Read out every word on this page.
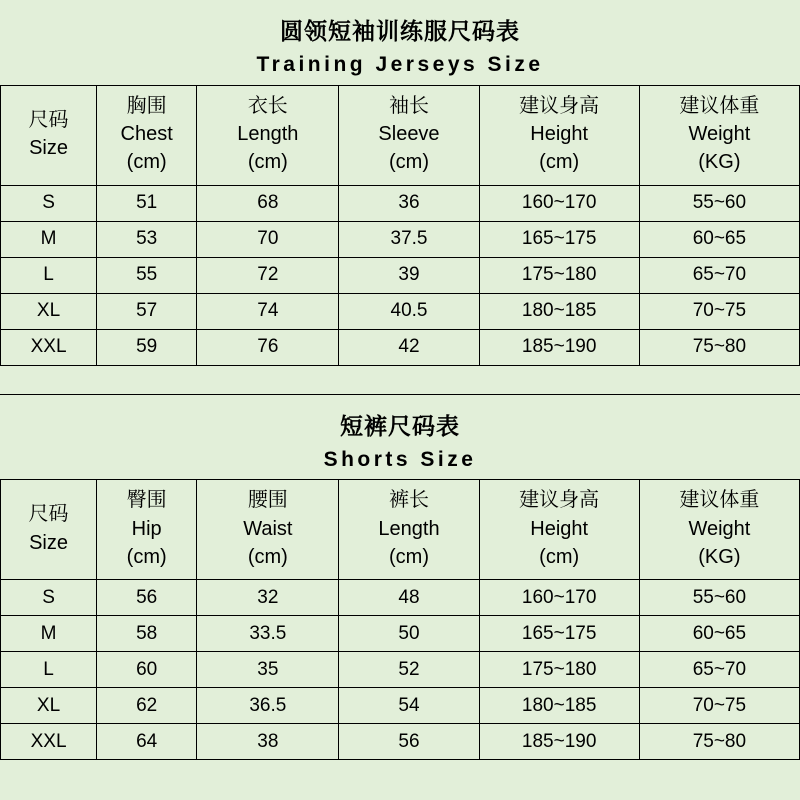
圆领短袖训练服尺码表
Training Jerseys Size
尺码
Size

胸围
Chest
(cm)

衣长
Length
(cm)

袖长
Sleeve
(cm)

建议身高
Height
(cm)

建议体重
Weight
(KG)

S	51	68	36	160~170	55~60
M	53	70	37.5	165~175	60~65
L	55	72	39	175~180	65~70
XL	57	74	40.5	180~185	70~75
XXL	59	76	42	185~190	75~80
短裤尺码表
Shorts Size
尺码
Size

臀围
Hip
(cm)

腰围
Waist
(cm)

裤长
Length
(cm)

建议身高
Height
(cm)

建议体重
Weight
(KG)

S	56	32	48	160~170	55~60
M	58	33.5	50	165~175	60~65
L	60	35	52	175~180	65~70
XL	62	36.5	54	180~185	70~75
XXL	64	38	56	185~190	75~80
